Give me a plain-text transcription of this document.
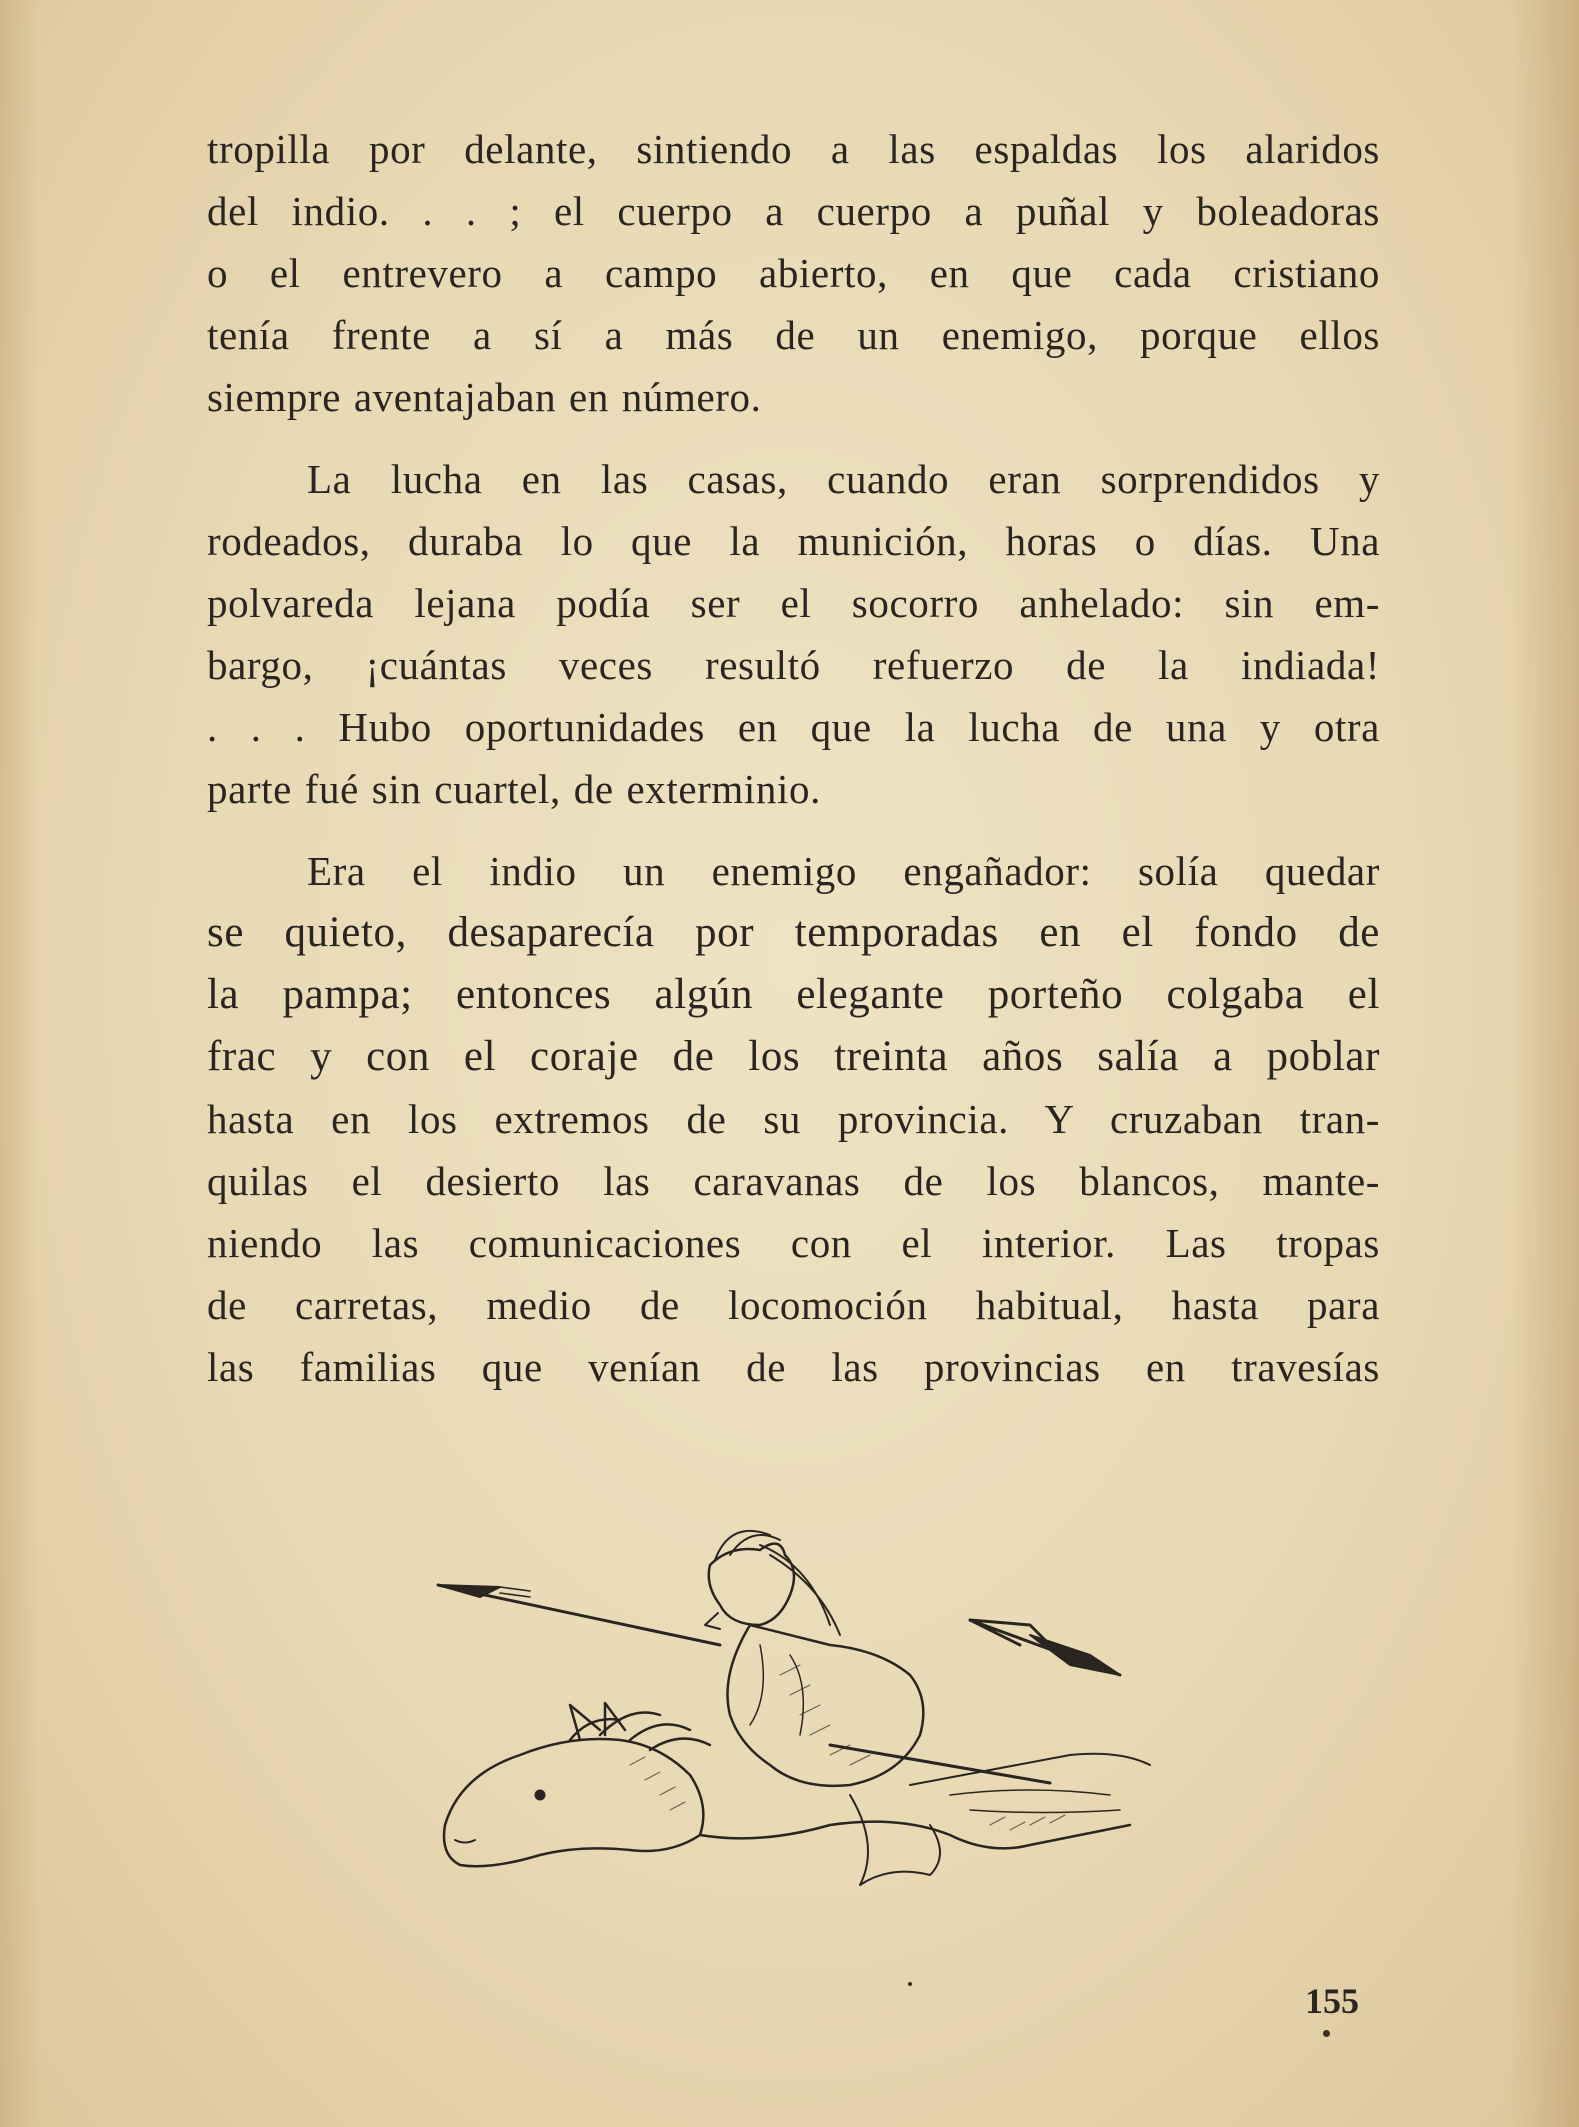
tropilla por delante, sintiendo a las espaldas los alaridos
del indio. . . ; el cuerpo a cuerpo a puñal y boleadoras
o el entrevero a campo abierto, en que cada cristiano
tenía frente a sí a más de un enemigo, porque ellos
siempre aventajaban en número.
La lucha en las casas, cuando eran sorprendidos y
rodeados, duraba lo que la munición, horas o días. Una
polvareda lejana podía ser el socorro anhelado: sin em-
bargo, ¡cuántas veces resultó refuerzo de la indiada!
. . . Hubo oportunidades en que la lucha de una y otra
parte fué sin cuartel, de exterminio.
Era el indio un enemigo engañador: solía quedar
se quieto, desaparecía por temporadas en el fondo de
la pampa; entonces algún elegante porteño colgaba el
frac y con el coraje de los treinta años salía a poblar
hasta en los extremos de su provincia. Y cruzaban tran-
quilas el desierto las caravanas de los blancos, mante-
niendo las comunicaciones con el interior. Las tropas
de carretas, medio de locomoción habitual, hasta para
las familias que venían de las provincias en travesías
155
